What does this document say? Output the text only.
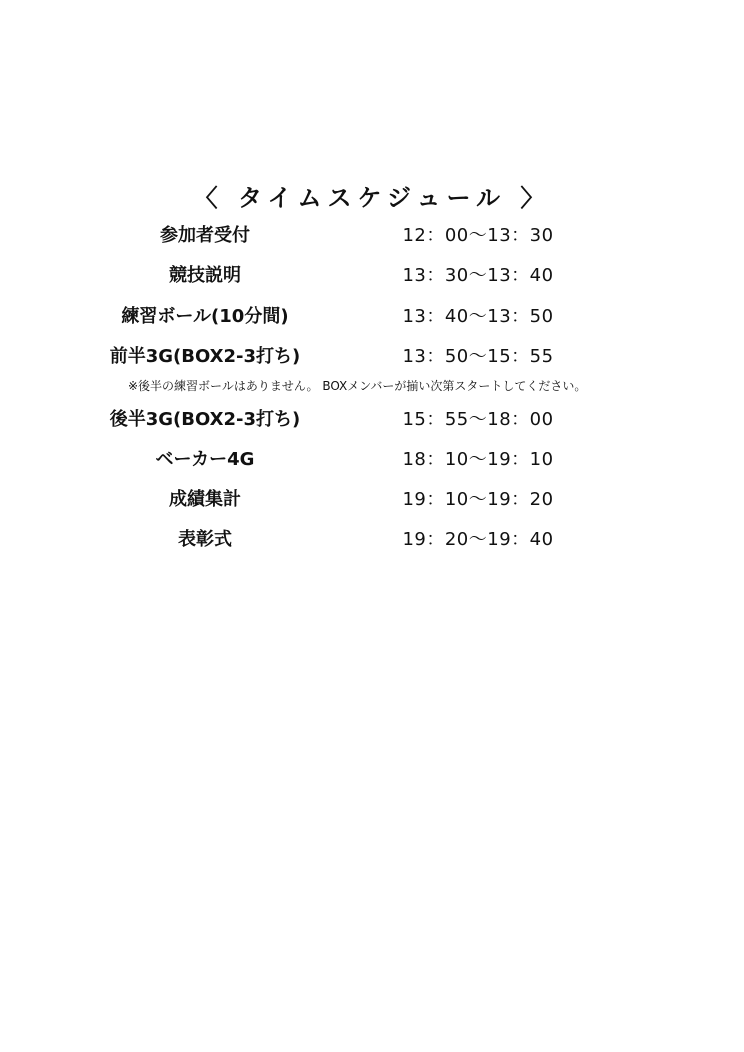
〈 タイムスケジュール 〉
参加者受付	12：00〜13：30
競技説明	13：30〜13：40
練習ボール(10分間)	13：40〜13：50
前半3G(BOX2-3打ち)	13：50〜15：55
※後半の練習ボールはありません。 BOXメンバーが揃い次第スタートしてください。
後半3G(BOX2-3打ち)	15：55〜18：00
ベーカー4G	18：10〜19：10
成績集計	19：10〜19：20
表彰式	19：20〜19：40
